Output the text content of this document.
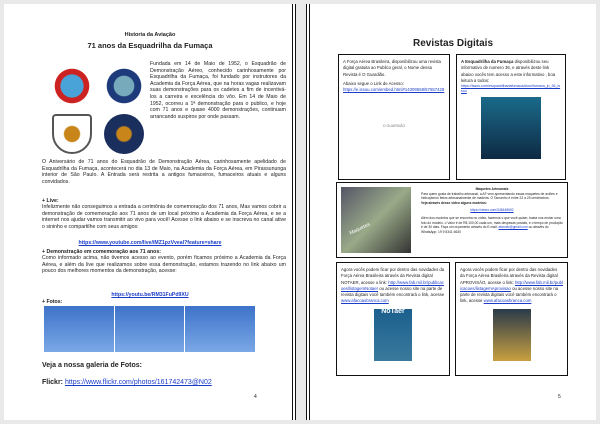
Historia da Aviação
71 anos da Esquadrilha da Fumaça
Fundada em 14 de Maio de 1952, o Esquadrão de Demonstração Aéreo, conhecido carinhosamente por Esquadrilha da Fumaça, foi fundado por instrutores da Academia da Força Aérea, que na horas vagas realizavam suas demonstrações para os cadetes a fim de incentivá-los a carreira e excelência do vôo. Em 14 de Maio de 1952, ocorreu a 1ª demonstração para o publico, e hoje com 71 anos e quase 4000 demonstrações, continuam arrancando suspiros por onde passam.
O Aniversário de 71 anos do Esquadrão de Demonstração Aérea, carinhosamente apelidado de Esquadrilha da Fumaça, acontecerá no dia 13 de Maio, na Academia da Força Aérea, em Pirassununga interior de São Paulo. A Entrada será restrita a antigos fumaceiros, fumaceiros atuais e alguns convidados.
+ Live:
Infelizmente não conseguimos a entrada a cerimônia de comemoração dos 71 anos, Mas vamos cobrir a demonstração de comemoração aos 71 anos de um local próximo a Academia da Força Aérea, e se a internet nos ajudar vamos transmitir ao vivo para você! Acesse o link abaixo e se inscreva no canal ative o sininho e compartilhe com seus amigos:
https://www.youtube.com/live/iMZ1pzVveal?feature=share
+ Demonstração em comemoração aos 71 anos:
Como informado acima, não tivemos acesso ao evento, porém ficamos próximo a Academia da Força Aérea, e além da live que realizamos sobre essa demonstração, estamos trazendo no link abaixo um pouco dos melhores momentos da demonstração, acesse:
https://youtu.be/RM31FuPd9XU
+ Fotos:
Veja a nossa galeria de Fotos:
Flickr: https://www.flickr.com/photos/161742473@N02
4
Revistas Digitais
A Força Aérea Brasileira, disponibilizou uma revista digital gratuita ao Publico geral, o Nome dessa Revista é O Guardião.
Abaixo segue o Link de Acesso:
https://e.issuu.com/embed.html#14309558/57657428
O GUARDIÃO
A Esquadrilha da Fumaça disponibilizou seu informativo de numero 36, e através deste link abaixo vocês tem acesso a este informativo , boa leitura a todos:
https://issuu.com/esquadrilhadafumaca/docs/fumaca_jn_36_issuu
Maquetes
Maquetes Artesanais
Para quem gosta de trabalho artesanal, a AF vem apresentando essas maquetes de aviões e helicópteros feitos artesanalmente de madeira. O Tamanho é entre 22 a 25 centímetros.
Veja através desse vídeo alguns modelos:
https://vimeo.com/348448692
Além dos modelos que se encontra no vídeo, fazemos o que você quiser, basta nos enviar uma foto do modelo, o Valor é de R$ 100,00 cada um, mais despesas postais, e o tempo de produção é de 30 dias. Faça um orçamento através do E-mail: afaudio@gmail.com ou através do WhatsApp: 19 9 8341 6630
Agora vocês podem ficar por dentro das novidades da Força Aérea Brasileira através da Revista digital NOTAER, acesse o link: http://www.fab.mil.br/publicacoes/listagemNotaer ou acesse nosso site na parte de revista digitais você também encontrará o link, acesse www.afacoasbranca.com
NoTaer
Agora vocês podem ficar por dentro das novidades da Força Aérea Brasileira através da Revista digital APROVISÃO, acesse o link: http://www.fab.mil.br/publicacoes/listagemAprovisao ou acesse nosso site na parte de revista digitais você também encontrará o link, acesse www.afacoasbranca.com
5
